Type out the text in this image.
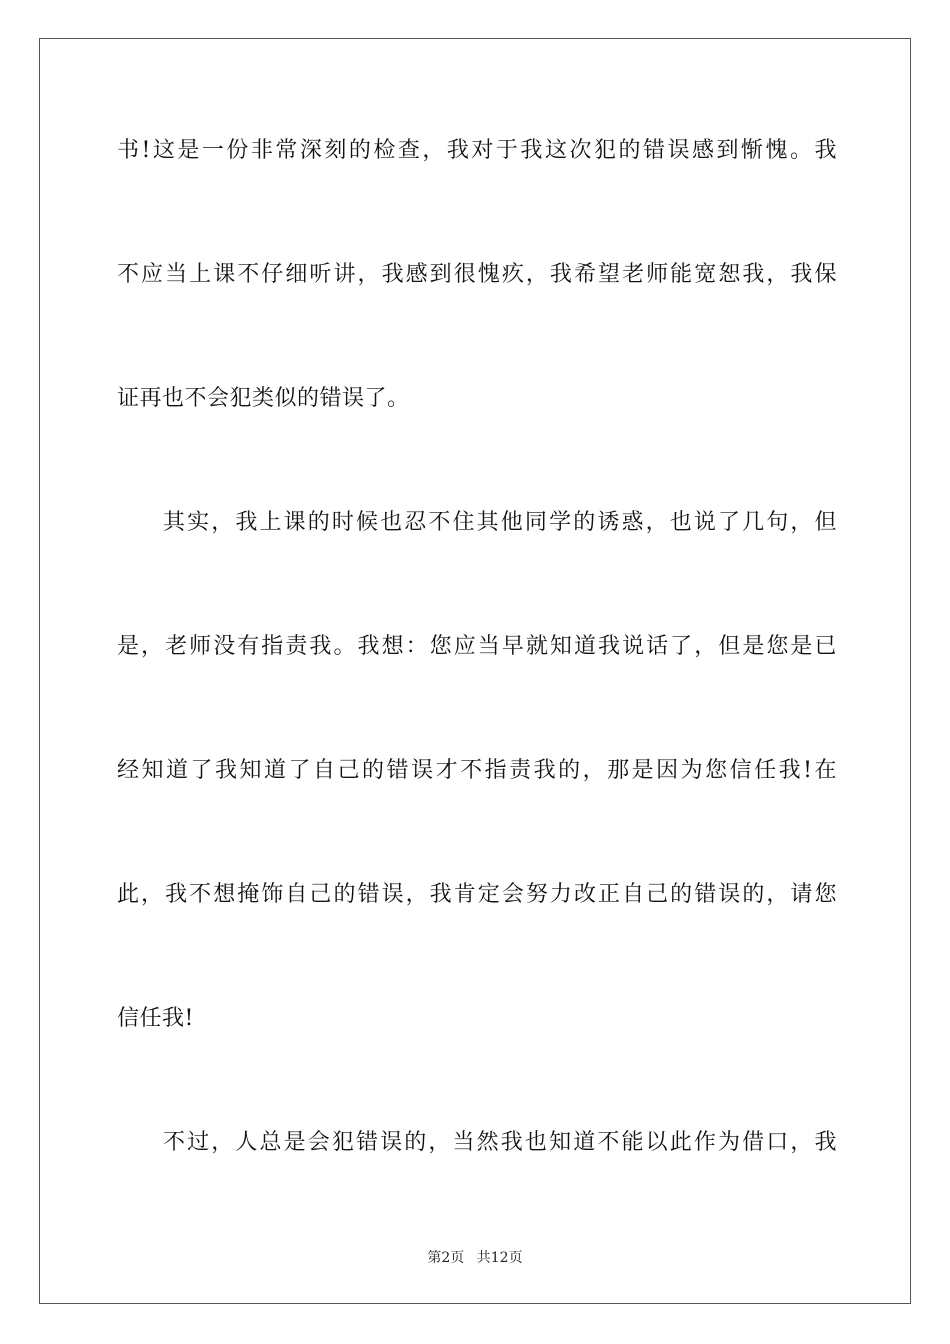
书!这是一份非常深刻的检查，我对于我这次犯的错误感到惭愧。我
不应当上课不仔细听讲，我感到很愧疚，我希望老师能宽恕我，我保
证再也不会犯类似的错误了。
其实，我上课的时候也忍不住其他同学的诱惑，也说了几句，但
是，老师没有指责我。我想：您应当早就知道我说话了，但是您是已
经知道了我知道了自己的错误才不指责我的，那是因为您信任我!在
此，我不想掩饰自己的错误，我肯定会努力改正自己的错误的，请您
信任我!
不过，人总是会犯错误的，当然我也知道不能以此作为借口，我
第2页 共12页
